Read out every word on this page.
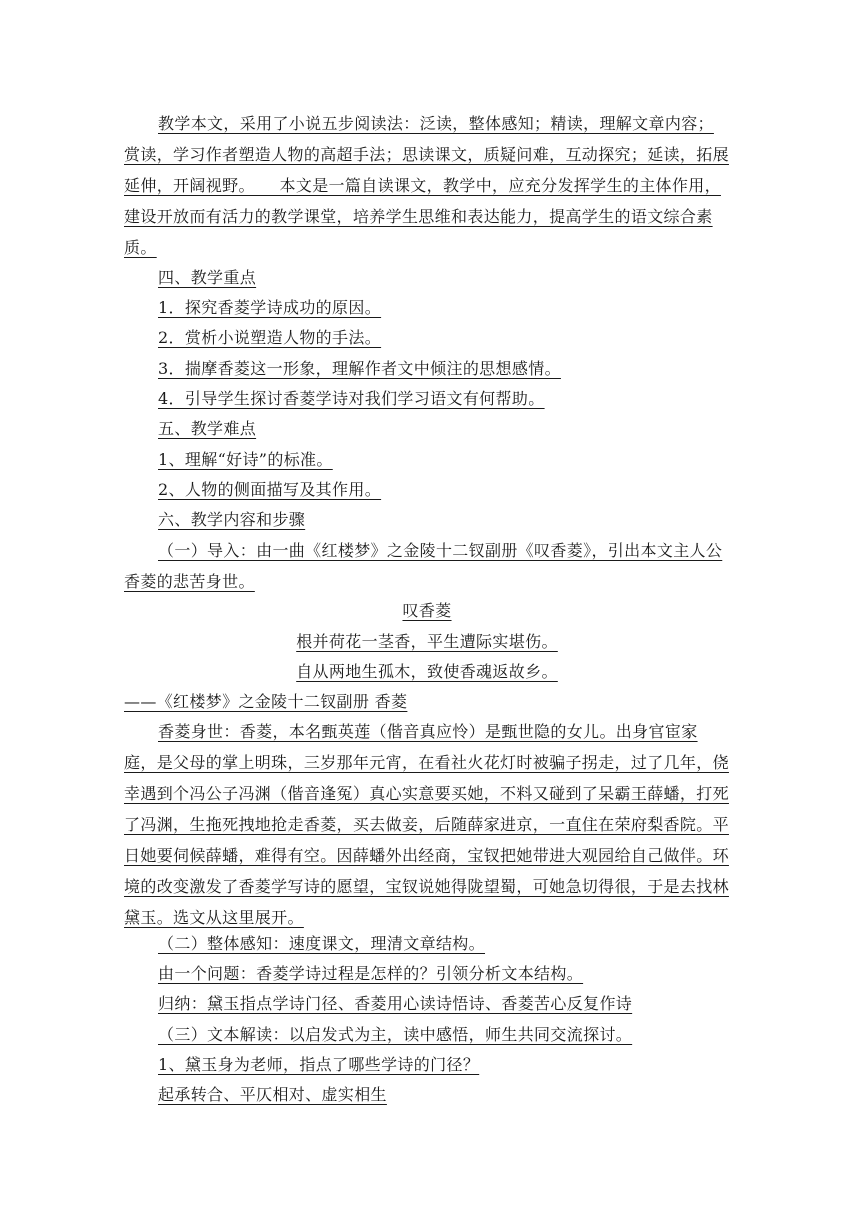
教学本文，采用了小说五步阅读法：泛读，整体感知；精读，理解文章内容；赏读，学习作者塑造人物的高超手法；思读课文，质疑问难，互动探究；延读，拓展延伸，开阔视野。　　本文是一篇自读课文，教学中，应充分发挥学生的主体作用，建设开放而有活力的教学课堂，培养学生思维和表达能力，提高学生的语文综合素质。

四、教学重点

1．探究香菱学诗成功的原因。

2．赏析小说塑造人物的手法。

3．揣摩香菱这一形象，理解作者文中倾注的思想感情。

4．引导学生探讨香菱学诗对我们学习语文有何帮助。

五、教学难点

1、理解“好诗”的标准。

2、人物的侧面描写及其作用。

六、教学内容和步骤

（一）导入：由一曲《红楼梦》之金陵十二钗副册《叹香菱》，引出本文主人公香菱的悲苦身世。

叹香菱

根并荷花一茎香，平生遭际实堪伤。

自从两地生孤木，致使香魂返故乡。

——《红楼梦》之金陵十二钗副册 香菱

香菱身世：香菱，本名甄英莲（偕音真应怜）是甄世隐的女儿。出身官宦家庭，是父母的掌上明珠，三岁那年元宵，在看社火花灯时被骗子拐走，过了几年，侥幸遇到个冯公子冯渊（偕音逢冤）真心实意要买她，不料又碰到了呆霸王薛蟠，打死了冯渊，生拖死拽地抢走香菱，买去做妾，后随薛家进京，一直住在荣府梨香院。平日她要伺候薛蟠，难得有空。因薛蟠外出经商，宝钗把她带进大观园给自己做伴。环境的改变激发了香菱学写诗的愿望，宝钗说她得陇望蜀，可她急切得很，于是去找林黛玉。选文从这里展开。

（二）整体感知：速度课文，理清文章结构。

由一个问题：香菱学诗过程是怎样的？引领分析文本结构。

归纳：黛玉指点学诗门径、香菱用心读诗悟诗、香菱苦心反复作诗

（三）文本解读：以启发式为主，读中感悟，师生共同交流探讨。

1、黛玉身为老师，指点了哪些学诗的门径？

起承转合、平仄相对、虚实相生
